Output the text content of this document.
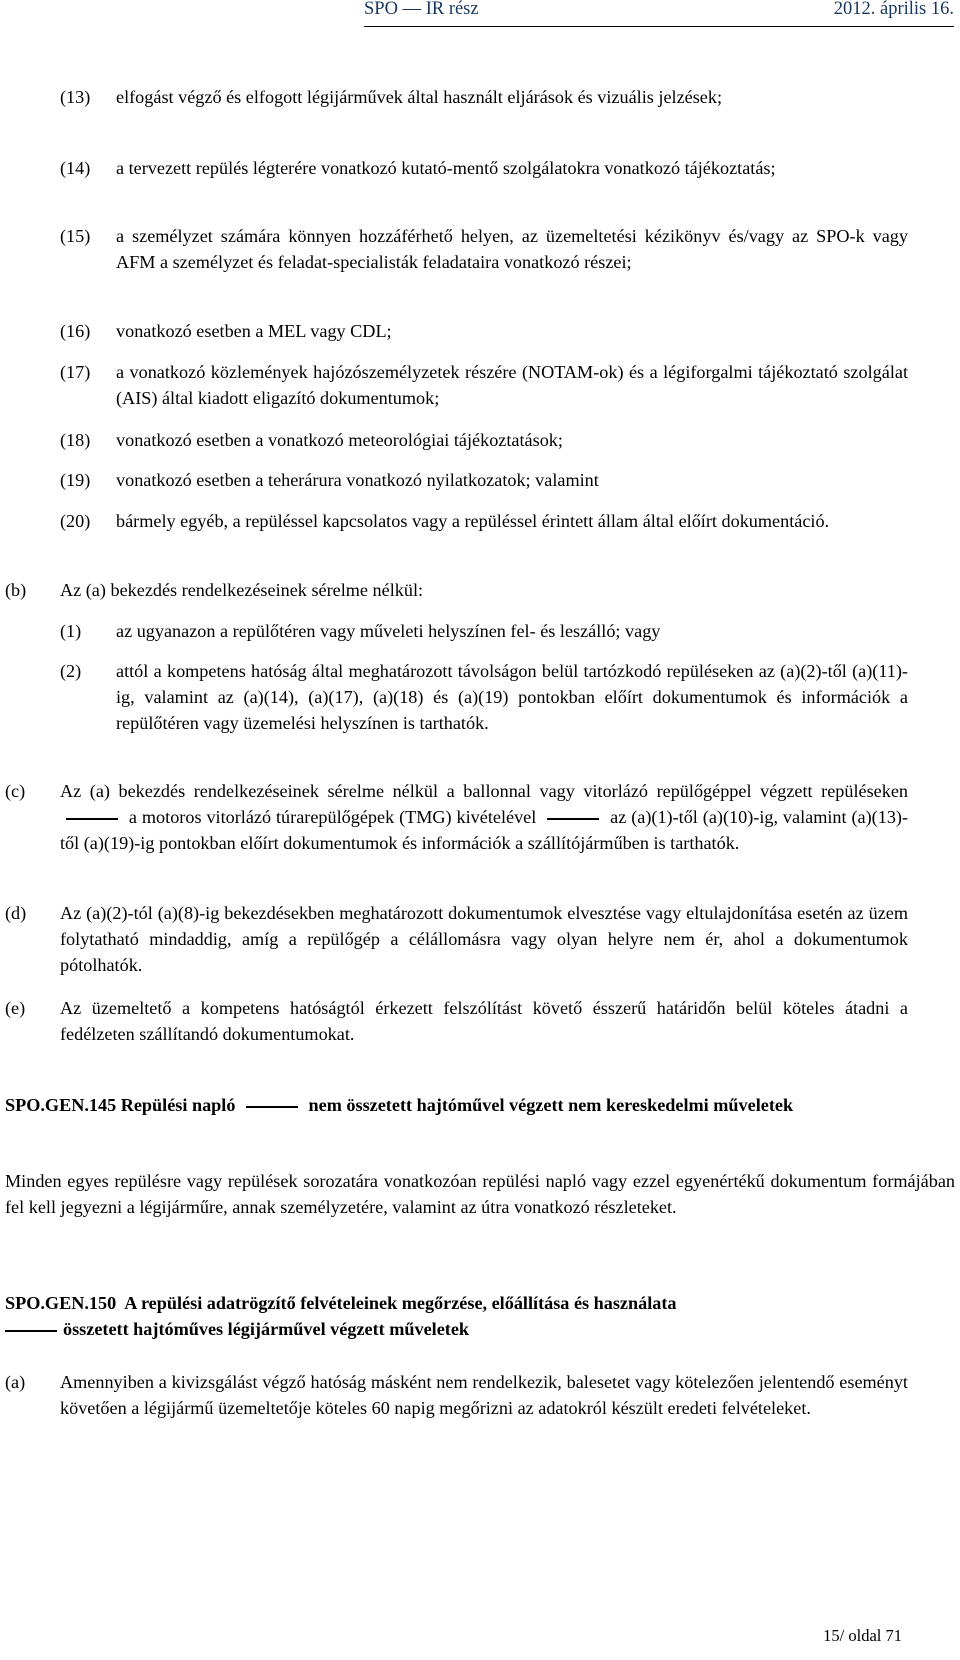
SPO — IR rész	2012. április 16.
(13) elfogást végző és elfogott légijárművek által használt eljárások és vizuális jelzések;
(14) a tervezett repülés légterére vonatkozó kutató-mentő szolgálatokra vonatkozó tájékoztatás;
(15) a személyzet számára könnyen hozzáférhető helyen, az üzemeltetési kézikönyv és/vagy az SPO-k vagy AFM a személyzet és feladat-specialisták feladataira vonatkozó részei;
(16) vonatkozó esetben a MEL vagy CDL;
(17) a vonatkozó közlemények hajózószemélyzetek részére (NOTAM-ok) és a légiforgalmi tájékoztató szolgálat (AIS) által kiadott eligazító dokumentumok;
(18) vonatkozó esetben a vonatkozó meteorológiai tájékoztatások;
(19) vonatkozó esetben a teherárura vonatkozó nyilatkozatok; valamint
(20) bármely egyéb, a repüléssel kapcsolatos vagy a repüléssel érintett állam által előírt dokumentáció.
(b) Az (a) bekezdés rendelkezéseinek sérelme nélkül:
(1) az ugyanazon a repülőtéren vagy műveleti helyszínen fel- és leszálló; vagy
(2) attól a kompetens hatóság által meghatározott távolságon belül tartózkodó repüléseken az (a)(2)-től (a)(11)-ig, valamint az (a)(14), (a)(17), (a)(18) és (a)(19) pontokban előírt dokumentumok és információk a repülőtéren vagy üzemelési helyszínen is tarthatók.
(c) Az (a) bekezdés rendelkezéseinek sérelme nélkül a ballonnal vagy vitorlázó repülőgéppel végzett repüléseken  a motoros vitorlázó túrarepülőgépek (TMG) kivételével	az (a)(1)-től (a)(10)-ig, valamint (a)(13)-től (a)(19)-ig pontokban előírt dokumentumok és információk a szállítójárműben is tarthatók.
(d) Az (a)(2)-tól (a)(8)-ig bekezdésekben meghatározott dokumentumok elvesztése vagy eltulajdonítása esetén az üzem folytatható mindaddig, amíg a repülőgép a célállomásra vagy olyan helyre nem ér, ahol a dokumentumok pótolhatók.
(e) Az üzemeltető a kompetens hatóságtól érkezett felszólítást követő ésszerű határidőn belül köteles átadni a fedélzeten szállítandó dokumentumokat.
SPO.GEN.145 Repülési napló	nem összetett hajtóművel végzett nem kereskedelmi műveletek
Minden egyes repülésre vagy repülések sorozatára vonatkozóan repülési napló vagy ezzel egyenértékű dokumentum formájában fel kell jegyezni a légijárműre, annak személyzetére, valamint az útra vonatkozó részleteket.
SPO.GEN.150 A repülési adatrögzítő felvételeinek megőrzése, előállítása és használata
összetett hajtóműves légijárművel végzett műveletek
(a) Amennyiben a kivizsgálást végző hatóság másként nem rendelkezik, balesetet vagy kötelezően jelentendő eseményt követően a légijármű üzemeltetője köteles 60 napig megőrizni az adatokról készült eredeti felvételeket.
15/ oldal 71
